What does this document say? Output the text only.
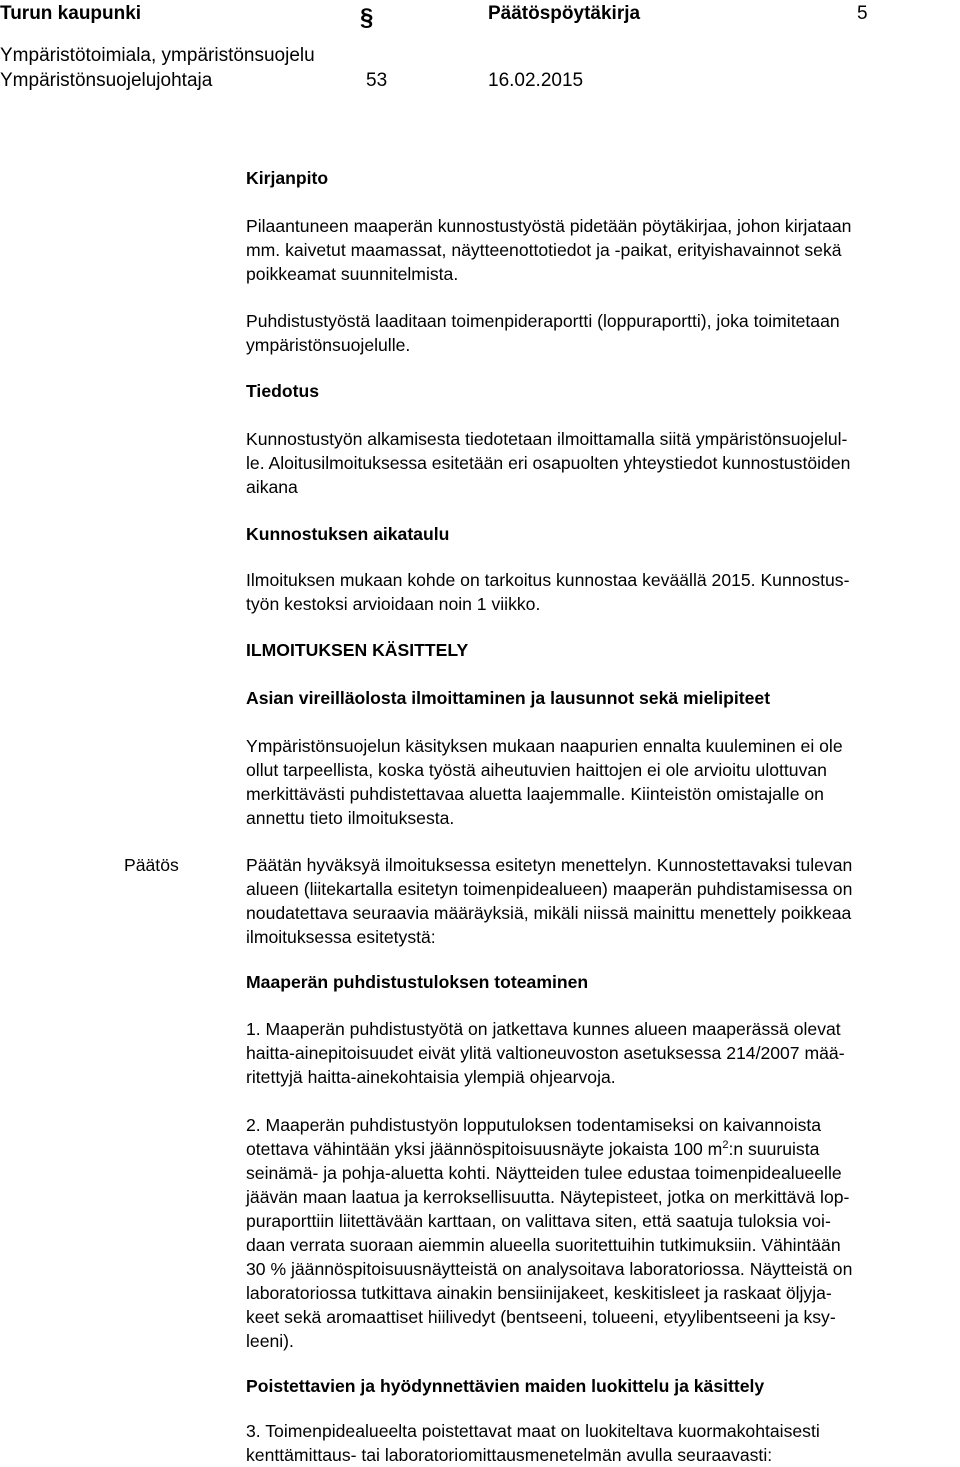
Turun kaupunki	§	Päätöspöytäkirja	5
Ympäristötoimiala, ympäristönsuojelu
Ympäristönsuojelujohtaja	53	16.02.2015

Kirjanpito

Pilaantuneen maaperän kunnostustyöstä pidetään pöytäkirjaa, johon kirjataan

mm. kaivetut maamassat, näytteenottotiedot ja -paikat, erityishavainnot sekä

poikkeamat suunnitelmista.

Puhdistustyöstä laaditaan toimenpideraportti (loppuraportti), joka toimitetaan

ympäristönsuojelulle.

Tiedotus

Kunnostustyön alkamisesta tiedotetaan ilmoittamalla siitä ympäristönsuojelul-

le. Aloitusilmoituksessa esitetään eri osapuolten yhteystiedot kunnostustöiden

aikana

Kunnostuksen aikataulu

Ilmoituksen mukaan kohde on tarkoitus kunnostaa keväällä 2015. Kunnostus-

työn kestoksi arvioidaan noin 1 viikko.

ILMOITUKSEN KÄSITTELY

Asian vireilläolosta ilmoittaminen ja lausunnot sekä mielipiteet

Ympäristönsuojelun käsityksen mukaan naapurien ennalta kuuleminen ei ole

ollut tarpeellista, koska työstä aiheutuvien haittojen ei ole arvioitu ulottuvan

merkittävästi puhdistettavaa aluetta laajemmalle. Kiinteistön omistajalle on

annettu tieto ilmoituksesta.

Päätös	Päätän hyväksyä ilmoituksessa esitetyn menettelyn. Kunnostettavaksi tulevan

alueen (liitekartalla esitetyn toimenpidealueen) maaperän puhdistamisessa on

noudatettava seuraavia määräyksiä, mikäli niissä mainittu menettely poikkeaa

ilmoituksessa esitetystä:

Maaperän puhdistustuloksen toteaminen

1. Maaperän puhdistustyötä on jatkettava kunnes alueen maaperässä olevat

haitta-ainepitoisuudet eivät ylitä valtioneuvoston asetuksessa 214/2007 mää-

ritettyjä haitta-ainekohtaisia ylempiä ohjearvoja.

2. Maaperän puhdistustyön lopputuloksen todentamiseksi on kaivannoista

otettava vähintään yksi jäännöspitoisuusnäyte jokaista 100 $m^2:n$ suuruista

seinämä- ja pohja-aluetta kohti. Näytteiden tulee edustaa toimenpidealueelle

jäävän maan laatua ja kerroksellisuutta. Näytepisteet, jotka on merkittävä lop-

puraporttiin liitettävään karttaan, on valittava siten, että saatuja tuloksia voi-

daan verrata suoraan aiemmin alueella suoritettuihin tutkimuksiin. Vähintään

30 % jäännöspitoisuusnäytteistä on analysoitava laboratoriossa. Näytteistä on

laboratoriossa tutkittava ainakin bensiinijakeet, keskitisleet ja raskaat öljyja-

keet sekä aromaattiset hiilivedyt (bentseeni, tolueeni, etyylibentseeni ja ksy-

leeni).

Poistettavien ja hyödynnettävien maiden luokittelu ja käsittely

3. Toimenpidealueelta poistettavat maat on luokiteltava kuormakohtaisesti

kenttämittaus- tai laboratoriomittausmenetelmän avulla seuraavasti:
